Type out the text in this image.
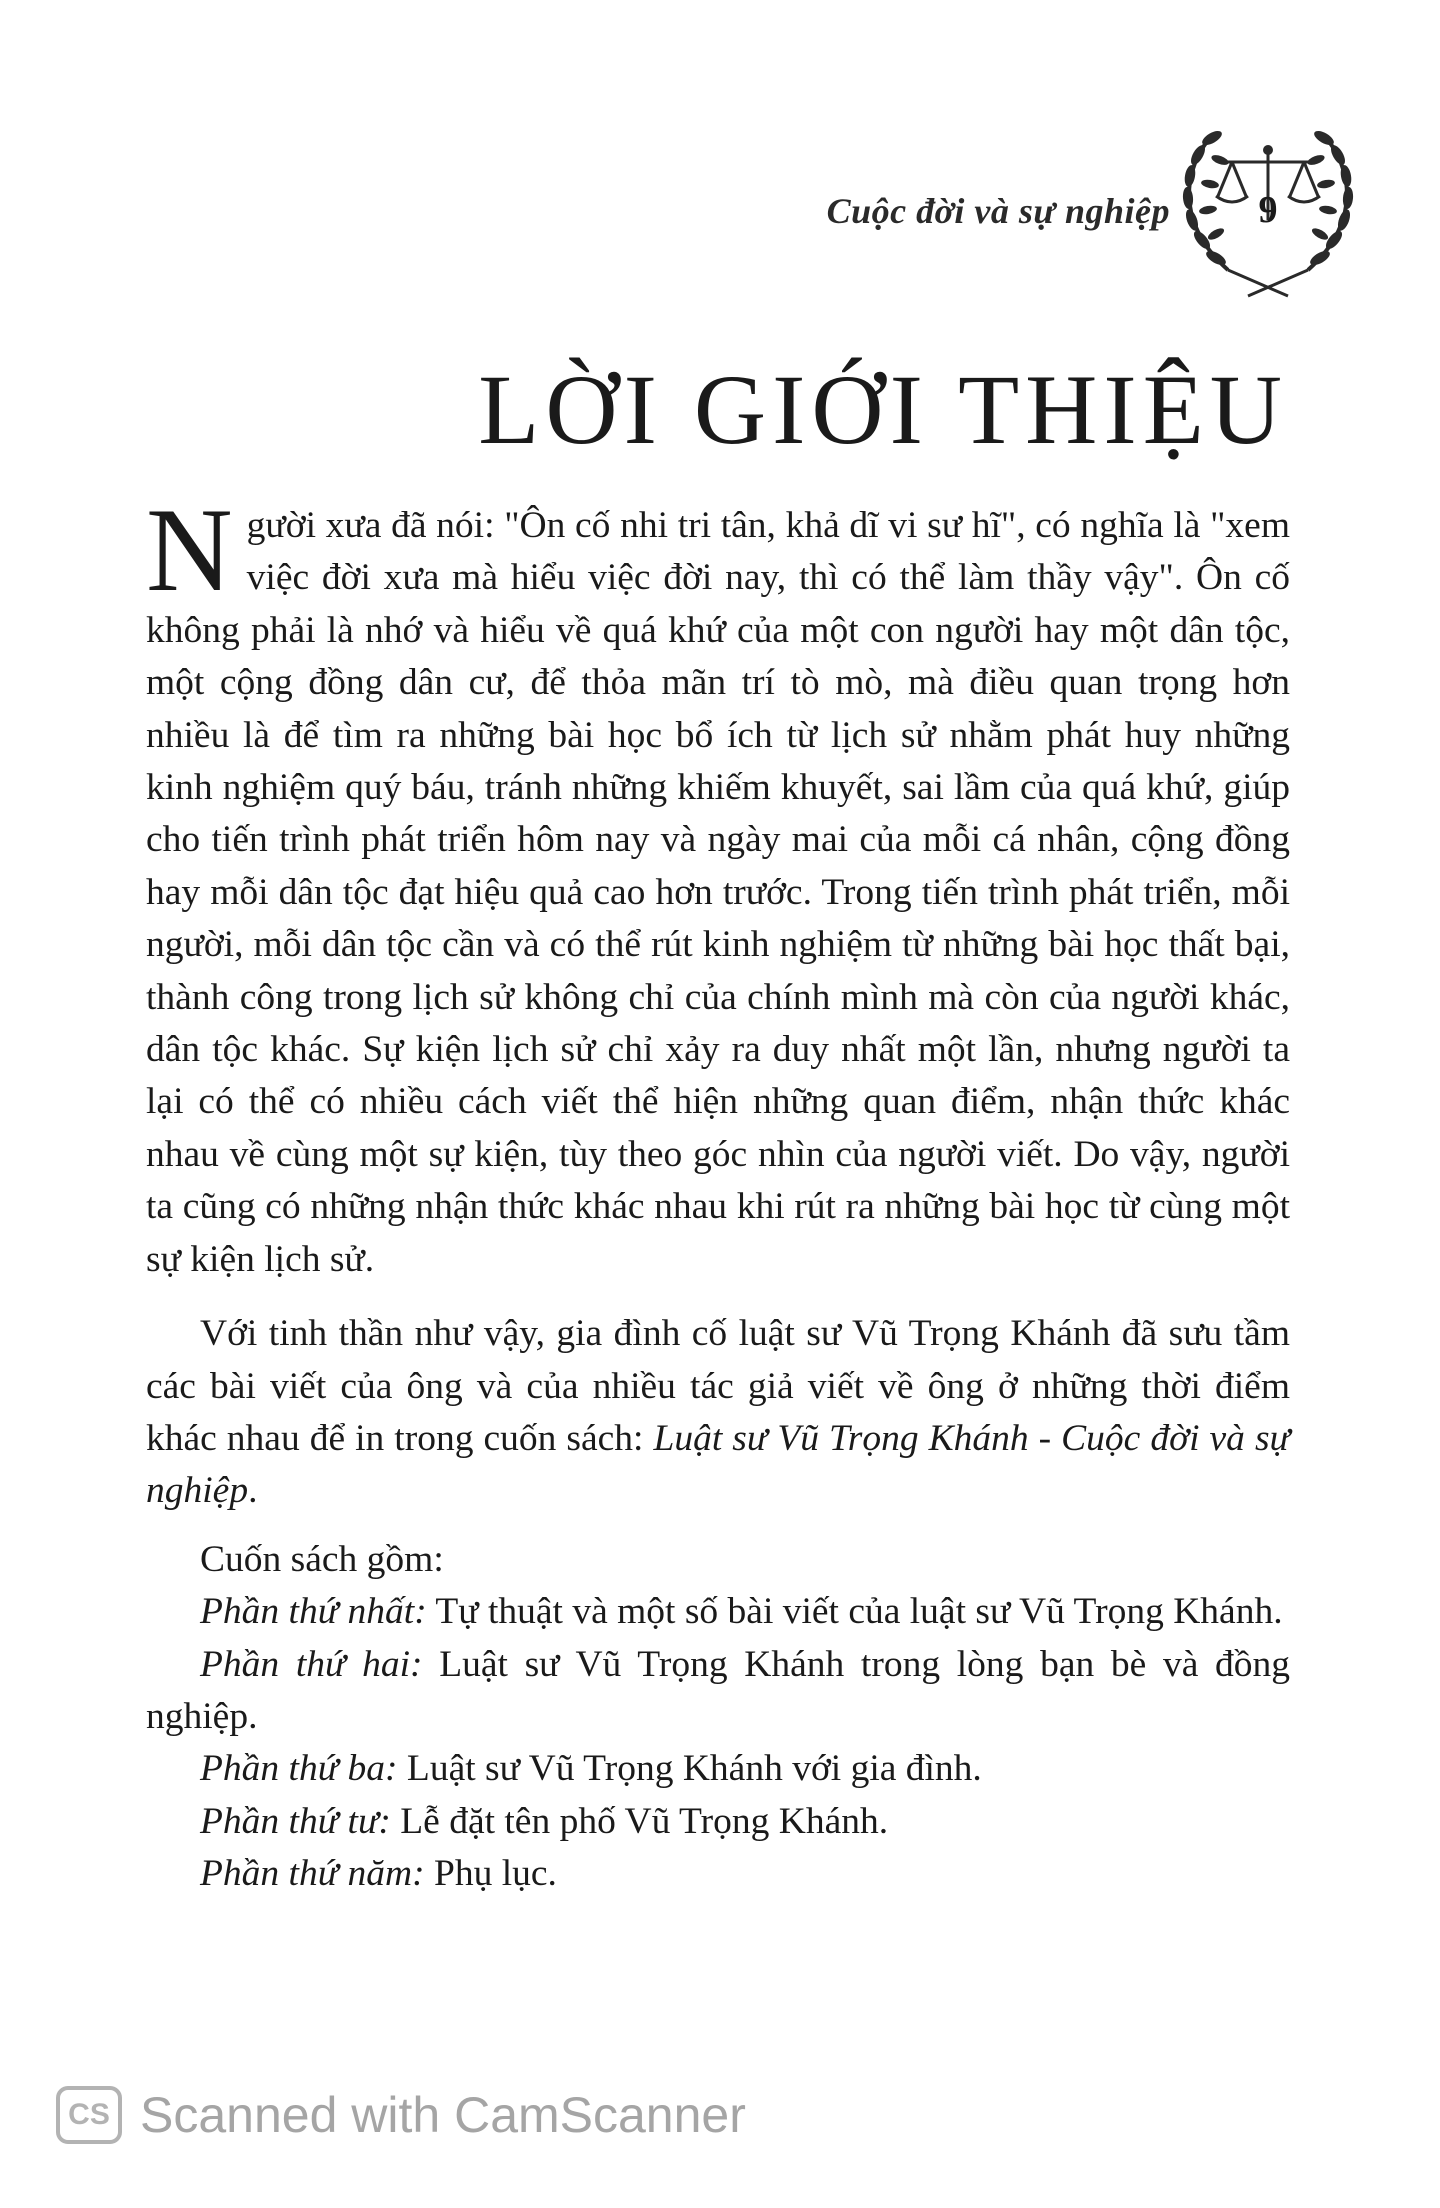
Cuộc đời và sự nghiệp 9
LỜI GIỚI THIỆU

Người xưa đã nói: "Ôn cố nhi tri tân, khả dĩ vi sư hĩ", có nghĩa là "xem việc đời xưa mà hiểu việc đời nay, thì có thể làm thầy vậy". Ôn cố không phải là nhớ và hiểu về quá khứ của một con người hay một dân tộc, một cộng đồng dân cư, để thỏa mãn trí tò mò, mà điều quan trọng hơn nhiều là để tìm ra những bài học bổ ích từ lịch sử nhằm phát huy những kinh nghiệm quý báu, tránh những khiếm khuyết, sai lầm của quá khứ, giúp cho tiến trình phát triển hôm nay và ngày mai của mỗi cá nhân, cộng đồng hay mỗi dân tộc đạt hiệu quả cao hơn trước. Trong tiến trình phát triển, mỗi người, mỗi dân tộc cần và có thể rút kinh nghiệm từ những bài học thất bại, thành công trong lịch sử không chỉ của chính mình mà còn của người khác, dân tộc khác. Sự kiện lịch sử chỉ xảy ra duy nhất một lần, nhưng người ta lại có thể có nhiều cách viết thể hiện những quan điểm, nhận thức khác nhau về cùng một sự kiện, tùy theo góc nhìn của người viết. Do vậy, người ta cũng có những nhận thức khác nhau khi rút ra những bài học từ cùng một sự kiện lịch sử.

Với tinh thần như vậy, gia đình cố luật sư Vũ Trọng Khánh đã sưu tầm các bài viết của ông và của nhiều tác giả viết về ông ở những thời điểm khác nhau để in trong cuốn sách: Luật sư Vũ Trọng Khánh - Cuộc đời và sự nghiệp.

Cuốn sách gồm:

Phần thứ nhất: Tự thuật và một số bài viết của luật sư Vũ Trọng Khánh.

Phần thứ hai: Luật sư Vũ Trọng Khánh trong lòng bạn bè và đồng nghiệp.

Phần thứ ba: Luật sư Vũ Trọng Khánh với gia đình.

Phần thứ tư: Lễ đặt tên phố Vũ Trọng Khánh.

Phần thứ năm: Phụ lục.

CS Scanned with CamScanner
